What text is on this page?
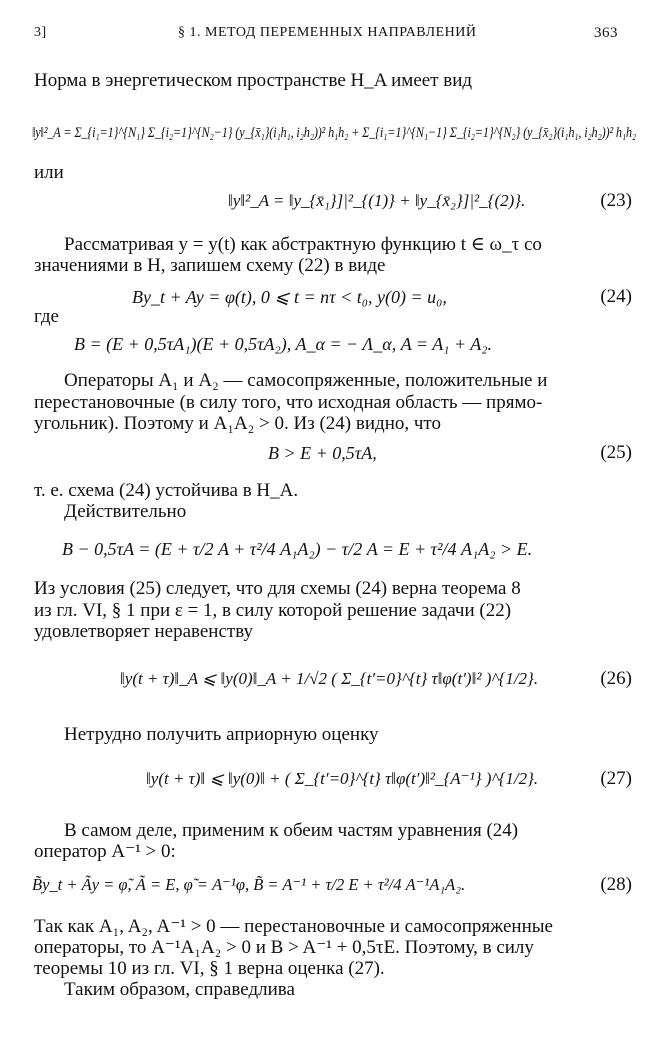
3]	§ 1. МЕТОД ПЕРЕМЕННЫХ НАПРАВЛЕНИЙ	363
Норма в энергетическом пространстве H_A имеет вид
‖y‖²_A = Σ_{i₁=1}^{N₁} Σ_{i₂=1}^{N₂−1} (y_{x̄₁}(i₁h₁, i₂h₂))² h₁h₂ + Σ_{i₁=1}^{N₁−1} Σ_{i₂=1}^{N₂} (y_{x̄₂}(i₁h₁, i₂h₂))² h₁h₂
или
‖y‖²_A = ‖y_{x̄₁}]|²_{(1)} + ‖y_{x̄₂}]|²_{(2)}.	(23)
Рассматривая y = y(t) как абстрактную функцию t ∈ ω_τ со
значениями в H, запишем схему (22) в виде
By_t + Ay = φ(t), 0 ⩽ t = nτ < t₀, y(0) = u₀,	(24)
где
B = (E + 0,5τA₁)(E + 0,5τA₂), A_α = − Λ_α, A = A₁ + A₂.
Операторы A₁ и A₂ — самосопряженные, положительные и
перестановочные (в силу того, что исходная область — прямо-
угольник). Поэтому и A₁A₂ > 0. Из (24) видно, что
B > E + 0,5τA,	(25)
т. е. схема (24) устойчива в H_A.
Действительно
B − 0,5τA = (E + τ/2 A + τ²/4 A₁A₂) − τ/2 A = E + τ²/4 A₁A₂ > E.
Из условия (25) следует, что для схемы (24) верна теорема 8
из гл. VI, § 1 при ε = 1, в силу которой решение задачи (22)
удовлетворяет неравенству
‖y(t + τ)‖_A ⩽ ‖y(0)‖_A + 1/√2 ( Σ_{t′=0}^{t} τ‖φ(t′)‖² )^{1/2}.	(26)
Нетрудно получить априорную оценку
‖y(t + τ)‖ ⩽ ‖y(0)‖ + ( Σ_{t′=0}^{t} τ‖φ(t′)‖²_{A⁻¹} )^{1/2}.	(27)
В самом деле, применим к обеим частям уравнения (24)
оператор A⁻¹ > 0:
B̃y_t + Ãy = φ̃, Ã = E, φ̃ = A⁻¹φ, B̃ = A⁻¹ + τ/2 E + τ²/4 A⁻¹A₁A₂.	(28)
Так как A₁, A₂, A⁻¹ > 0 — перестановочные и самосопряженные
операторы, то A⁻¹A₁A₂ > 0 и B > A⁻¹ + 0,5τE. Поэтому, в силу
теоремы 10 из гл. VI, § 1 верна оценка (27).
Таким образом, справедлива
